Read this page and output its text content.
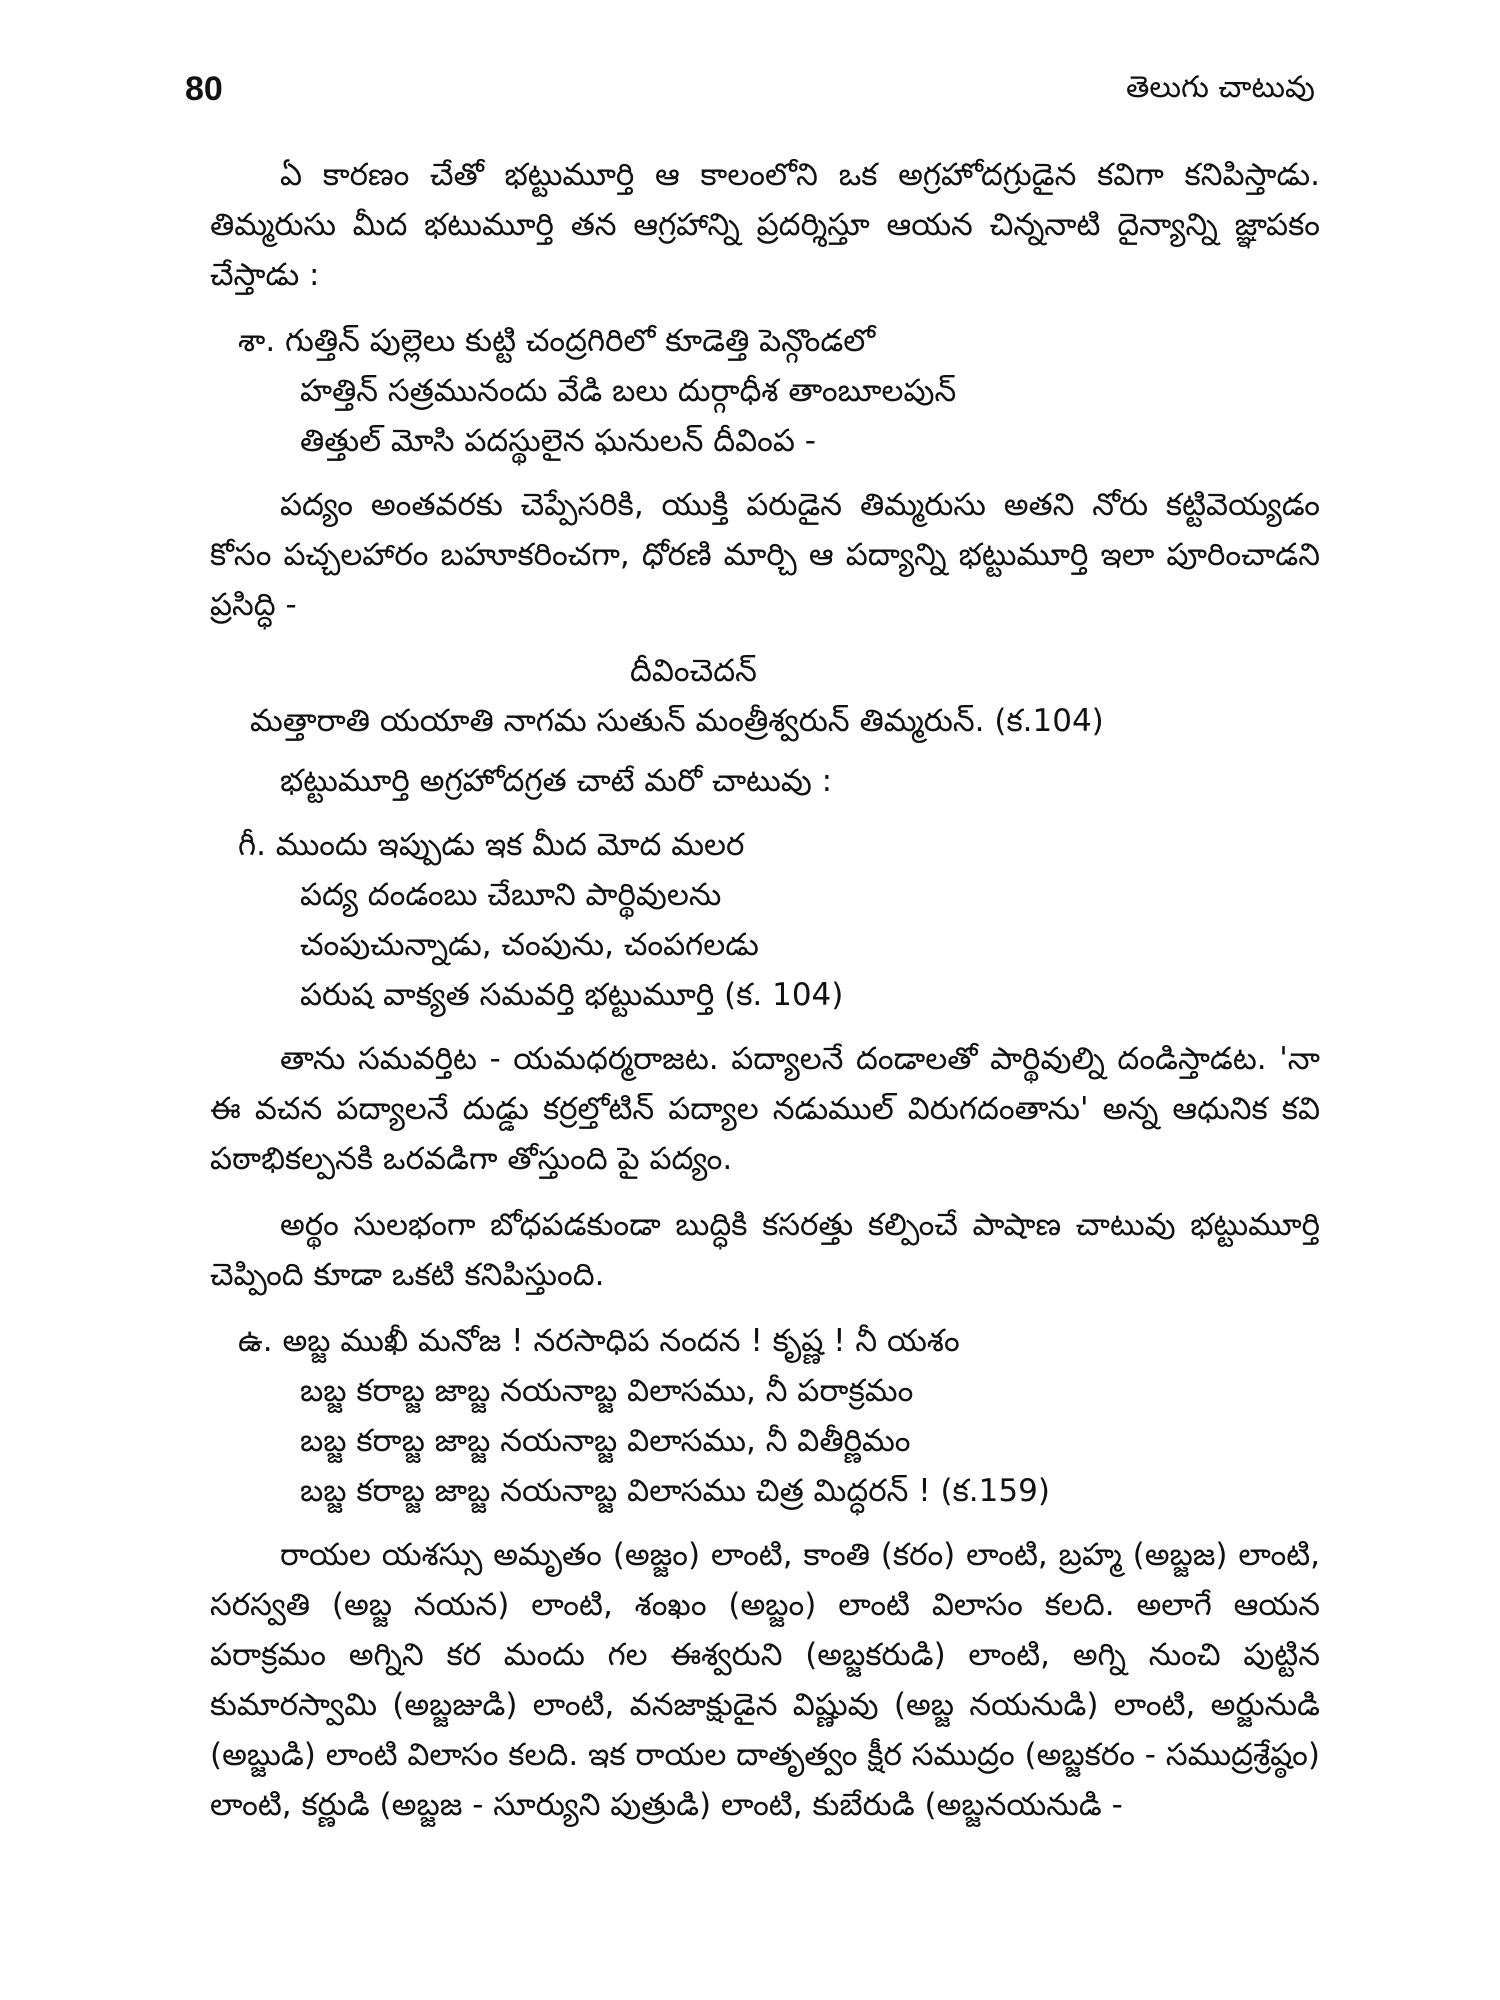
80	తెలుగు చాటువు

ఏ కారణం చేతో భట్టుమూర్తి ఆ కాలంలోని ఒక అగ్రహోదగ్రుడైన కవిగా కనిపిస్తాడు. తిమ్మరుసు మీద భటుమూర్తి తన ఆగ్రహాన్ని ప్రదర్శిస్తూ ఆయన చిన్ననాటి దైన్యాన్ని జ్ఞాపకం చేస్తాడు :

శా. గుత్తిన్ పుల్లెలు కుట్టి చంద్రగిరిలో కూడెత్తి పెన్గొండలో
హత్తిన్ సత్రమునందు వేడి బలు దుర్గాధీశ తాంబూలపున్
తిత్తుల్ మోసి పదస్థులైన ఘనులన్ దీవింప -

పద్యం అంతవరకు చెప్పేసరికి, యుక్తి పరుడైన తిమ్మరుసు అతని నోరు కట్టివెయ్యడం కోసం పచ్చలహారం బహూకరించగా, ధోరణి మార్చి ఆ పద్యాన్ని భట్టుమూర్తి ఇలా పూరించాడని ప్రసిద్ధి -

దీవించెదన్

మత్తారాతి యయాతి నాగమ సుతున్ మంత్రీశ్వరున్ తిమ్మరున్. (క.104)

భట్టుమూర్తి అగ్రహోదగ్రత చాటే మరో చాటువు :

గీ. ముందు ఇప్పుడు ఇక మీద మోద మలర
పద్య దండంబు చేబూని పార్థివులను
చంపుచున్నాడు, చంపును, చంపగలడు
పరుష వాక్యత సమవర్తి భట్టుమూర్తి (క. 104)

తాను సమవర్తిట - యమధర్మరాజట. పద్యాలనే దండాలతో పార్థివుల్ని దండిస్తాడట. 'నా ఈ వచన పద్యాలనే దుడ్డు కర్రల్తోటిన్ పద్యాల నడుముల్ విరుగదంతాను' అన్న ఆధునిక కవి పఠాభికల్పనకి ఒరవడిగా తోస్తుంది పై పద్యం.

అర్థం సులభంగా బోధపడకుండా బుద్ధికి కసరత్తు కల్పించే పాషాణ చాటువు భట్టుమూర్తి చెప్పింది కూడా ఒకటి కనిపిస్తుంది.

ఉ. అబ్జ ముఖీ మనోజ ! నరసాధిప నందన ! కృష్ణ ! నీ యశం
బబ్జ కరాబ్జ జాబ్జ నయనాబ్జ విలాసము, నీ పరాక్రమం
బబ్జ కరాబ్జ జాబ్జ నయనాబ్జ విలాసము, నీ వితీర్ణిమం
బబ్జ కరాబ్జ జాబ్జ నయనాబ్జ విలాసము చిత్ర మిద్ధరన్ ! (క.159)

రాయల యశస్సు అమృతం (అజ్జం) లాంటి, కాంతి (కరం) లాంటి, బ్రహ్మ (అబ్జజ) లాంటి, సరస్వతి (అబ్జ నయన) లాంటి, శంఖం (అబ్జం) లాంటి విలాసం కలది. అలాగే ఆయన పరాక్రమం అగ్నిని కర మందు గల ఈశ్వరుని (అబ్జకరుడి) లాంటి, అగ్ని నుంచి పుట్టిన కుమారస్వామి (అబ్జజుడి) లాంటి, వనజాక్షుడైన విష్ణువు (అబ్జ నయనుడి) లాంటి, అర్జునుడి (అబ్జుడి) లాంటి విలాసం కలది. ఇక రాయల దాతృత్వం క్షీర సముద్రం (అబ్జకరం - సముద్రశ్రేష్ఠం) లాంటి, కర్ణుడి (అబ్జజ - సూర్యుని పుత్రుడి) లాంటి, కుబేరుడి (అబ్జనయనుడి -
